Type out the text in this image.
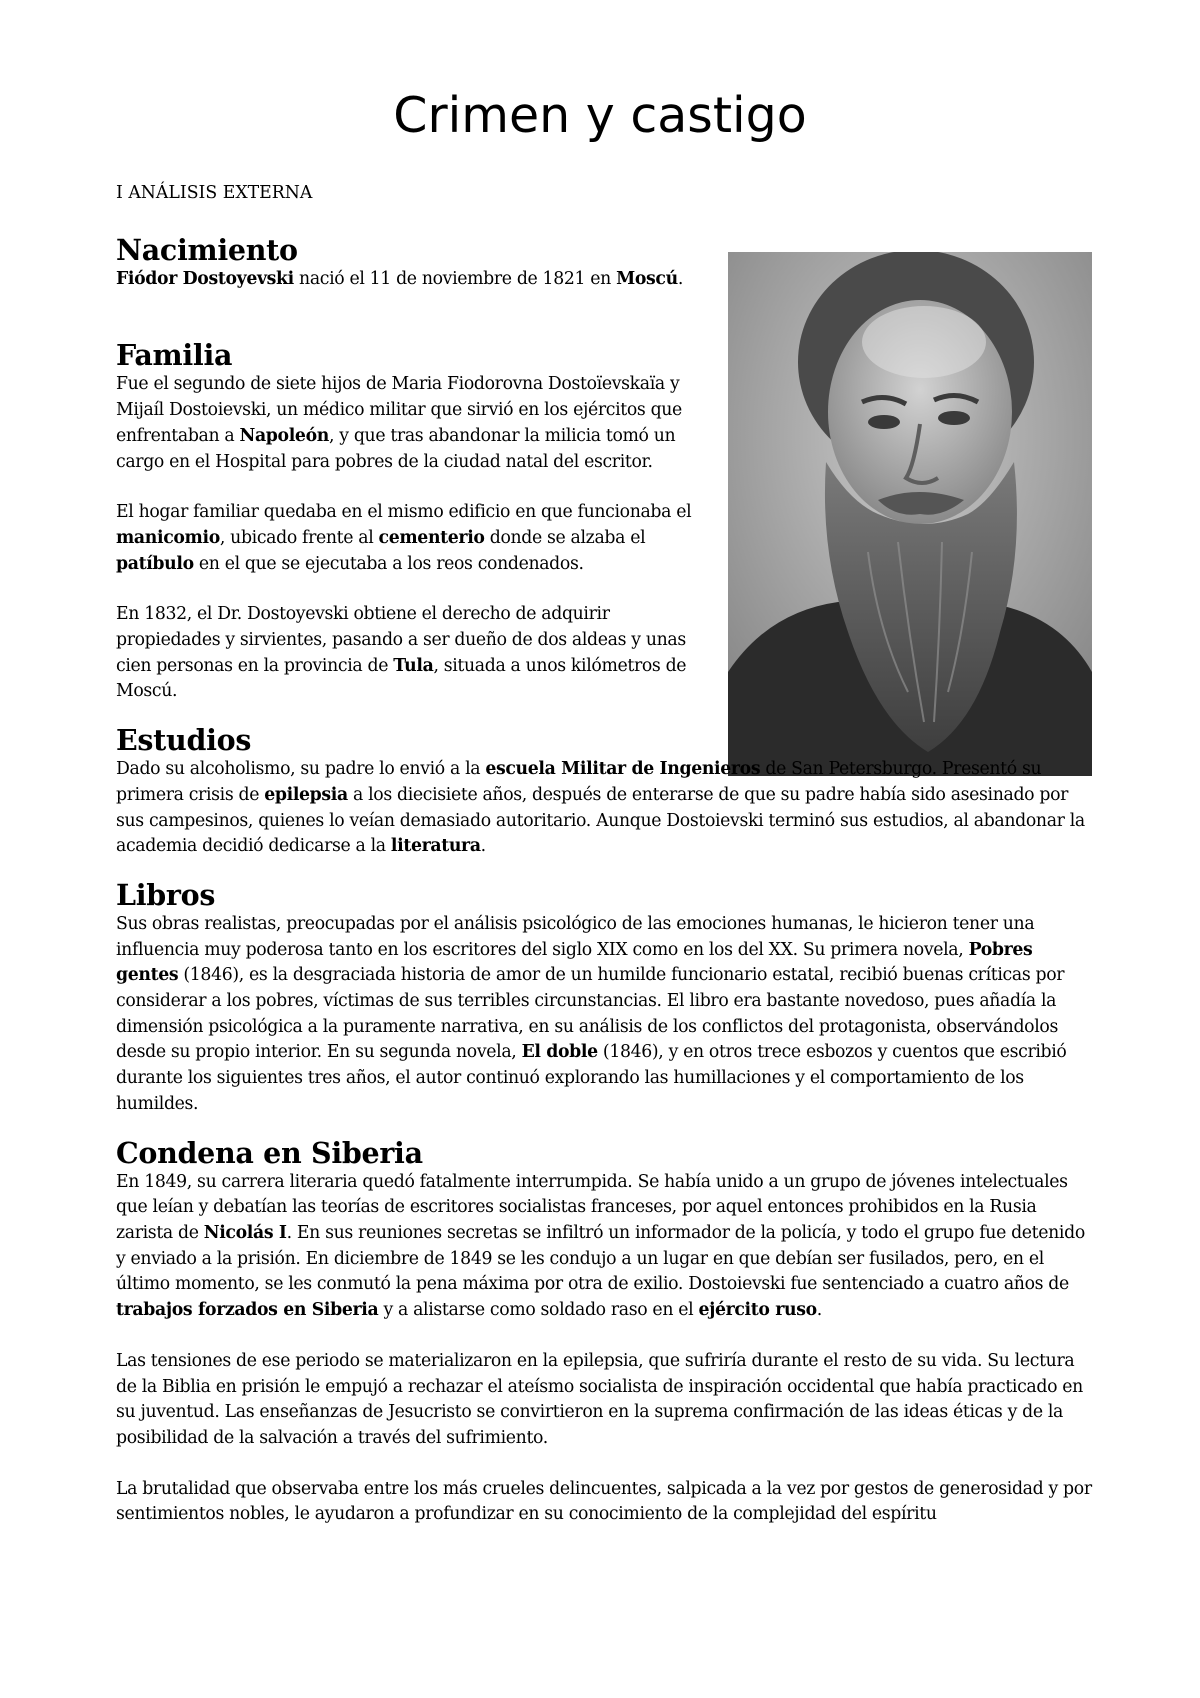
Crimen y castigo
I ANÁLISIS EXTERNA
Nacimiento

Fiódor Dostoyevski nació el 11 de noviembre de 1821 en Moscú.

Familia

Fue el segundo de siete hijos de Maria Fiodorovna Dostoïevskaïa y Mijaíl Dostoievski, un médico militar que sirvió en los ejércitos que enfrentaban a Napoleón, y que tras abandonar la milicia tomó un cargo en el Hospital para pobres de la ciudad natal del escritor.

El hogar familiar quedaba en el mismo edificio en que funcionaba el manicomio, ubicado frente al cementerio donde se alzaba el patíbulo en el que se ejecutaba a los reos condenados.

En 1832, el Dr. Dostoyevski obtiene el derecho de adquirir propiedades y sirvientes, pasando a ser dueño de dos aldeas y unas cien personas en la provincia de Tula, situada a unos kilómetros de Moscú.

Estudios

Dado su alcoholismo, su padre lo envió a la escuela Militar de Ingenieros de San Petersburgo. Presentó su primera crisis de epilepsia a los diecisiete años, después de enterarse de que su padre había sido asesinado por sus campesinos, quienes lo veían demasiado autoritario. Aunque Dostoievski terminó sus estudios, al abandonar la academia decidió dedicarse a la literatura.

Libros

Sus obras realistas, preocupadas por el análisis psicológico de las emociones humanas, le hicieron tener una influencia muy poderosa tanto en los escritores del siglo XIX como en los del XX. Su primera novela, Pobres gentes (1846), es la desgraciada historia de amor de un humilde funcionario estatal, recibió buenas críticas por considerar a los pobres, víctimas de sus terribles circunstancias. El libro era bastante novedoso, pues añadía la dimensión psicológica a la puramente narrativa, en su análisis de los conflictos del protagonista, observándolos desde su propio interior. En su segunda novela, El doble (1846), y en otros trece esbozos y cuentos que escribió durante los siguientes tres años, el autor continuó explorando las humillaciones y el comportamiento de los humildes.

Condena en Siberia

En 1849, su carrera literaria quedó fatalmente interrumpida. Se había unido a un grupo de jóvenes intelectuales que leían y debatían las teorías de escritores socialistas franceses, por aquel entonces prohibidos en la Rusia zarista de Nicolás I. En sus reuniones secretas se infiltró un informador de la policía, y todo el grupo fue detenido y enviado a la prisión. En diciembre de 1849 se les condujo a un lugar en que debían ser fusilados, pero, en el último momento, se les conmutó la pena máxima por otra de exilio. Dostoievski fue sentenciado a cuatro años de trabajos forzados en Siberia y a alistarse como soldado raso en el ejército ruso.

Las tensiones de ese periodo se materializaron en la epilepsia, que sufriría durante el resto de su vida. Su lectura de la Biblia en prisión le empujó a rechazar el ateísmo socialista de inspiración occidental que había practicado en su juventud. Las enseñanzas de Jesucristo se convirtieron en la suprema confirmación de las ideas éticas y de la posibilidad de la salvación a través del sufrimiento.

La brutalidad que observaba entre los más crueles delincuentes, salpicada a la vez por gestos de generosidad y por sentimientos nobles, le ayudaron a profundizar en su conocimiento de la complejidad del espíritu
